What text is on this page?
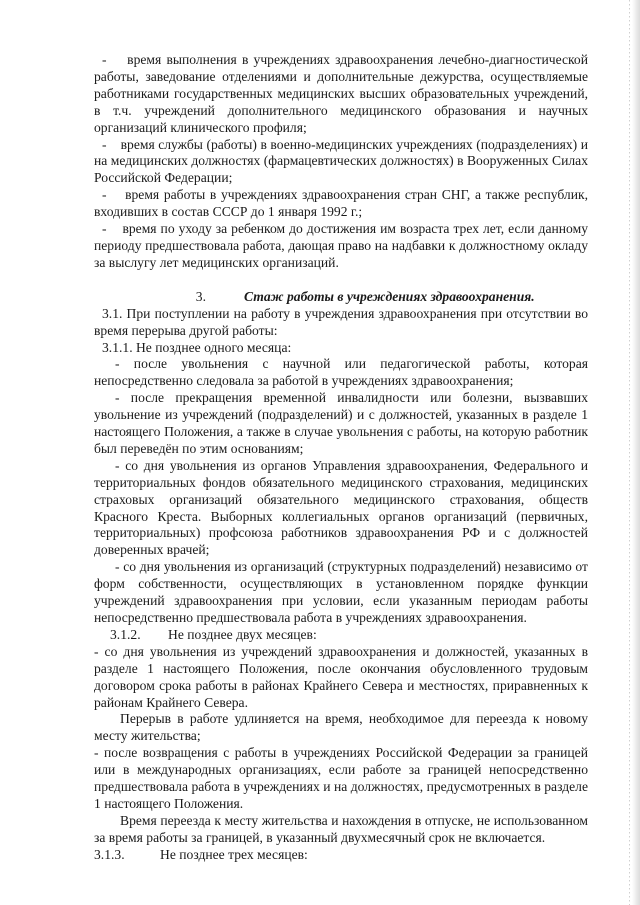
-    время выполнения в учреждениях здравоохранения лечебно-диагностической работы, заведование отделениями и дополнительные дежурства, осуществляемые работниками государственных медицинских высших образовательных учреждений, в т.ч. учреждений дополнительного медицинского образования и научных организаций клинического профиля;

-    время службы (работы) в военно-медицинских учреждениях (подразделениях) и на медицинских должностях (фармацевтических должностях) в Вооруженных Силах Российской Федерации;

-    время работы в учреждениях здравоохранения стран СНГ, а также республик, входивших в состав СССР до 1 января 1992 г.;

-    время по уходу за ребенком до достижения им возраста трех лет, если данному периоду предшествовала работа, дающая право на надбавки к должностному окладу за выслугу лет медицинских организаций.

3.	Стаж работы в учреждениях здравоохранения.

3.1. При поступлении на работу в учреждения здравоохранения при отсутствии во время перерыва другой работы:

3.1.1. Не позднее одного месяца:

- после увольнения с научной или педагогической работы, которая непосредственно следовала за работой в учреждениях здравоохранения;

- после прекращения временной инвалидности или болезни, вызвавших увольнение из учреждений (подразделений) и с должностей, указанных в разделе 1 настоящего Положения, а также в случае увольнения с работы, на которую работник был переведён по этим основаниям;

- со дня увольнения из органов Управления здравоохранения, Федерального и территориальных фондов обязательного медицинского страхования, медицинских страховых организаций обязательного медицинского страхования, обществ Красного Креста. Выборных коллегиальных органов организаций (первичных, территориальных) профсоюза работников здравоохранения РФ и с должностей доверенных врачей;

- со дня увольнения из организаций (структурных подразделений) независимо от форм собственности, осуществляющих в установленном порядке функции учреждений здравоохранения при условии, если указанным периодам работы непосредственно предшествовала работа в учреждениях здравоохранения.

3.1.2. Не позднее двух месяцев:

- со дня увольнения из учреждений здравоохранения и должностей, указанных в разделе 1 настоящего Положения, после окончания обусловленного трудовым договором срока работы в районах Крайнего Севера и местностях, приравненных к районам Крайнего Севера.

Перерыв в работе удлиняется на время, необходимое для переезда к новому месту жительства;

- после возвращения с работы в учреждениях Российской Федерации за границей или в международных организациях, если работе за границей непосредственно предшествовала работа в учреждениях и на должностях, предусмотренных в разделе 1 настоящего Положения.

Время переезда к месту жительства и нахождения в отпуске, не использованном за время работы за границей, в указанный двухмесячный срок не включается.

3.1.3.	Не позднее трех месяцев:
